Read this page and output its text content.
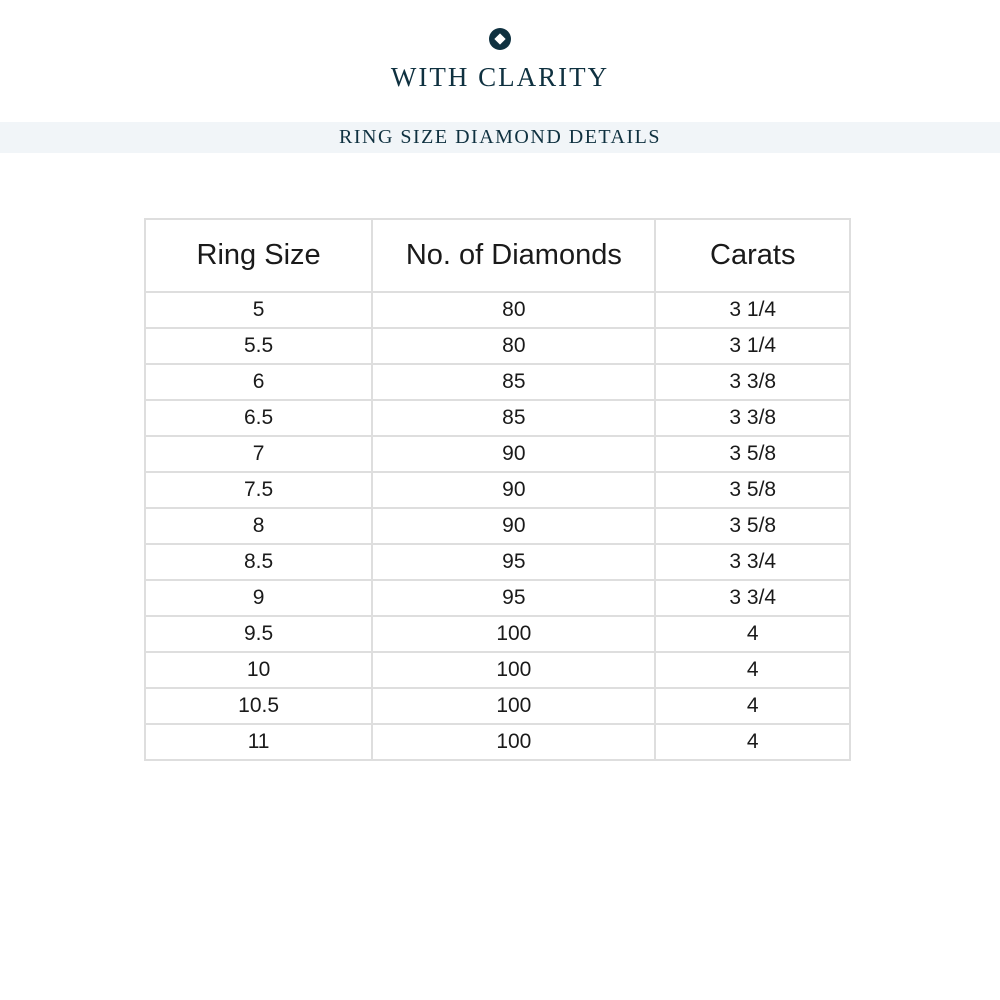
WITH CLARITY
RING SIZE DIAMOND DETAILS
Ring Size	No. of Diamonds	Carats
5	80	3 1/4
5.5	80	3 1/4
6	85	3 3/8
6.5	85	3 3/8
7	90	3 5/8
7.5	90	3 5/8
8	90	3 5/8
8.5	95	3 3/4
9	95	3 3/4
9.5	100	4
10	100	4
10.5	100	4
11	100	4
